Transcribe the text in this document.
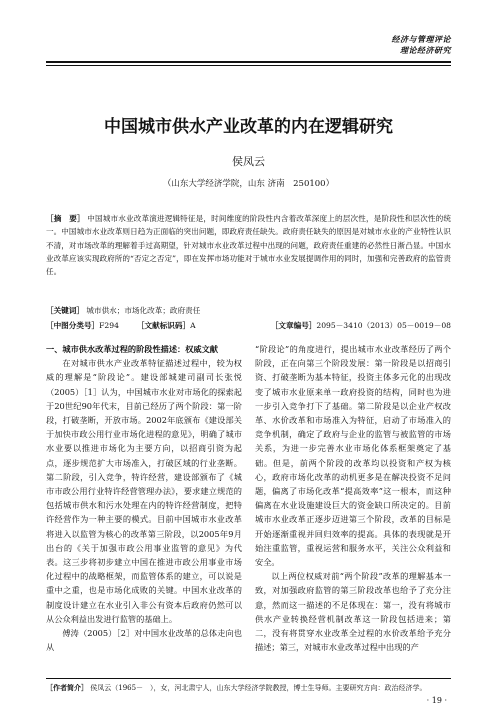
经济与管理评论
理论经济研究
中国城市供水产业改革的内在逻辑研究
侯凤云
（山东大学经济学院，山东 济南　250100）
［摘　要］ 中国城市水业改革演进逻辑特征是，时间维度的阶段性内含着改革深度上的层次性，是阶段性和层次性的统一。中国城市水业改革则日趋为正面临的突出问题，即政府责任缺失。政府责任缺失的原因是对城市水业的产业特性认识不清，对市场改革的理解着手过高期望，针对城市水业改革过程中出现的问题，政府责任重建的必然性日渐凸显。中国水业改革应该实现政府所的“否定之否定”，即在发挥市场功能对于城市水业发展提调作用的同时，加强和完善政府的监管责任。
［关键词］ 城市供水；市场化改革；政府责任
［中图分类号］F294 ［文献标识码］A	［文章编号］2095－3410（2013）05－0019－08

一、城市供水改革过程的阶段性描述：权威文献

在对城市供水产业改革特征描述过程中，较为权威的理解是“阶段论”。建设部城建司副司长张悦（2005）［1］认为，中国城市水业对市场化的探索起于20世纪90年代末，目前已经历了两个阶段：第一阶段，打破垄断，开放市场。2002年底颁布《建设部关于加快市政公用行业市场化进程的意见》，明确了城市水业要以推进市场化为主要方向，以招商引资为起点，逐步规范扩大市场准入，打破区域的行业垄断。第二阶段，引入竞争，特许经营，建设部颁布了《城市市政公用行业特许经营管理办法》，要求建立规范的包括城市供水和污水处理在内的特许经营制度，把特许经营作为一种主要的模式。目前中国城市水业改革将进入以监管为核心的改革第三阶段，以2005年9月出台的《关于加强市政公用事业监管的意见》为代表。这三步将初步建立中国在推进市政公用事业市场化过程中的战略框架，而监管体系的建立，可以说是重中之重，也是市场化成败的关键。中国水业改革的制度设计建立在水业引入非公有资本后政府仍然可以从公众利益出发进行监管的基础上。

傅涛（2005）［2］对中国水业改革的总体走向也从

“阶段论”的角度进行，提出城市水业改革经历了两个阶段，正在向第三个阶段发展：第一阶段是以招商引资、打破垄断为基本特征，投资主体多元化的出现改变了城市水业原来单一政府投资的结构，同时也为进一步引入竞争打下了基础。第二阶段是以企业产权改革、水价改革和市场准入为特征，启动了市场准入的竞争机制，确定了政府与企业的监管与被监管的市场关系，为进一步完善水业市场化体系框架奠定了基础。但是，前两个阶段的改革均以投资和产权为核心，政府市场化改革的动机更多是在解决投资不足问题，偏离了市场化改革“提高效率”这一根本，而这种偏离在水业设施建设巨大的资金缺口所决定的。目前城市水业改革正逐步迈进第三个阶段，改革的目标是开始逐渐重视并回归效率的提高。具体的表现就是开始注重监管，重视运营和服务水平，关注公众利益和安全。

以上两位权威对前“两个阶段”改革的理解基本一致，对加强政府监管的第三阶段改革也给予了充分注意，然而这一描述的不足体现在：第一，没有将城市供水产业转换经营机制改革这一阶段包括进来；第二，没有将贯穿水业改革全过程的水价改革给予充分描述；第三，对城市水业改革过程中出现的产

［作者简介］ 侯凤云（1965－　），女，河北肃宁人，山东大学经济学院教授，博士生导师。主要研究方向：政治经济学。
· 19 ·
